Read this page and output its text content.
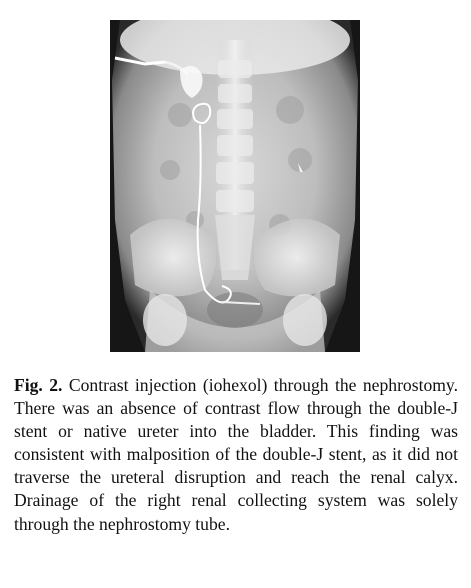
Fig. 2. Contrast injection (iohexol) through the nephrostomy. There was an absence of contrast flow through the double-J stent or native ureter into the bladder. This finding was consistent with malposition of the double-J stent, as it did not traverse the ureteral disruption and reach the renal calyx. Drainage of the right renal collecting system was solely through the nephrostomy tube.
